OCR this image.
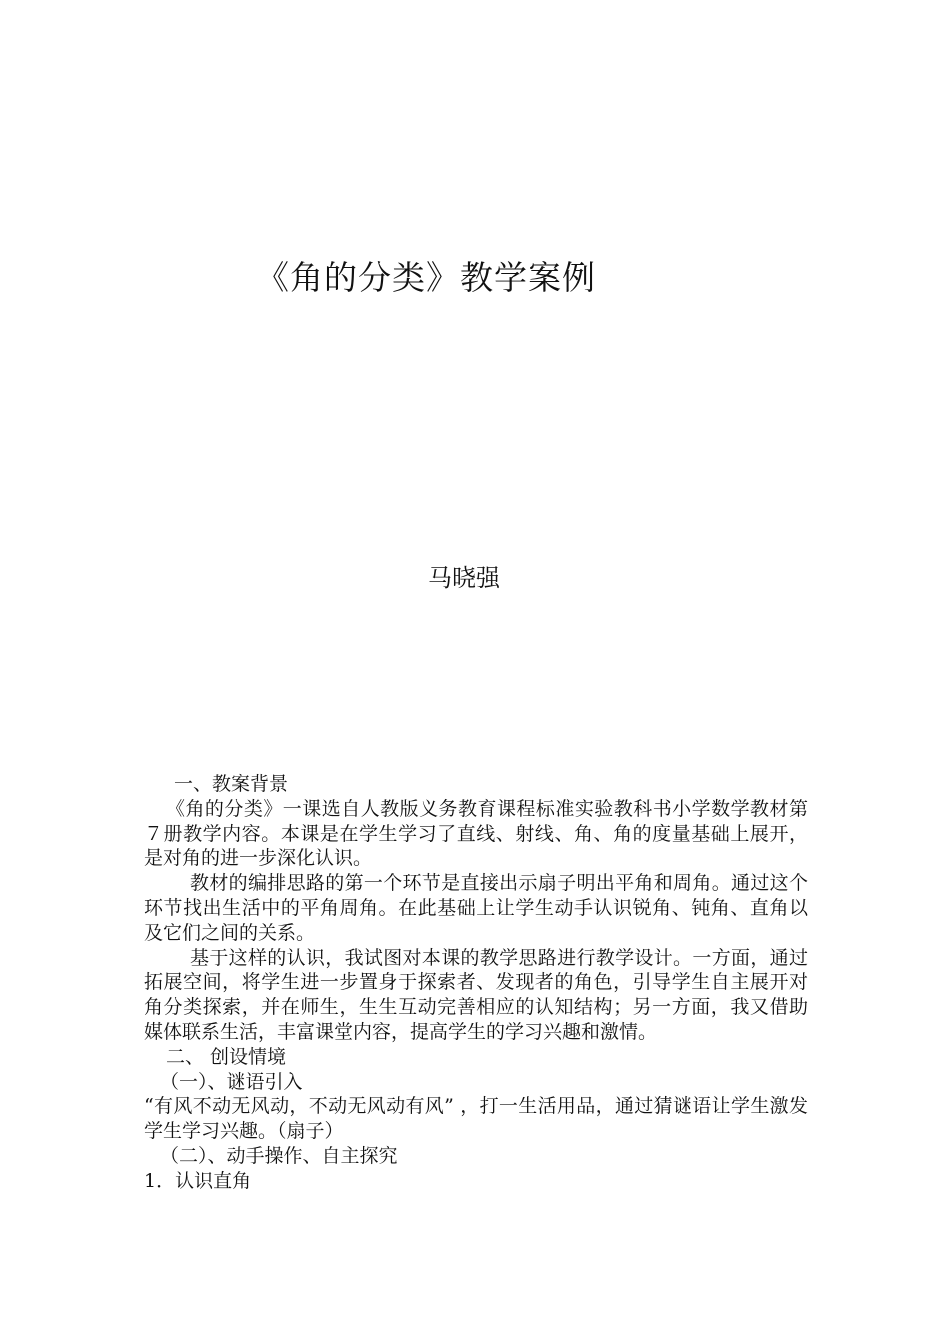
《角的分类》教学案例
马晓强

一、教案背景

《角的分类》一课选自人教版义务教育课程标准实验教科书小学数学教材第７册教学内容。本课是在学生学习了直线、射线、角、角的度量基础上展开，是对角的进一步深化认识。

教材的编排思路的第一个环节是直接出示扇子明出平角和周角。通过这个环节找出生活中的平角周角。在此基础上让学生动手认识锐角、钝角、直角以及它们之间的关系。

基于这样的认识，我试图对本课的教学思路进行教学设计。一方面，通过拓展空间，将学生进一步置身于探索者、发现者的角色，引导学生自主展开对角分类探索，并在师生，生生互动完善相应的认知结构；另一方面，我又借助媒体联系生活，丰富课堂内容，提高学生的学习兴趣和激情。

二、 创设情境

（一）、谜语引入

“有风不动无风动，不动无风动有风” ，打一生活用品，通过猜谜语让学生激发学生学习兴趣。（扇子）

（二）、动手操作、自主探究

1．认识直角
